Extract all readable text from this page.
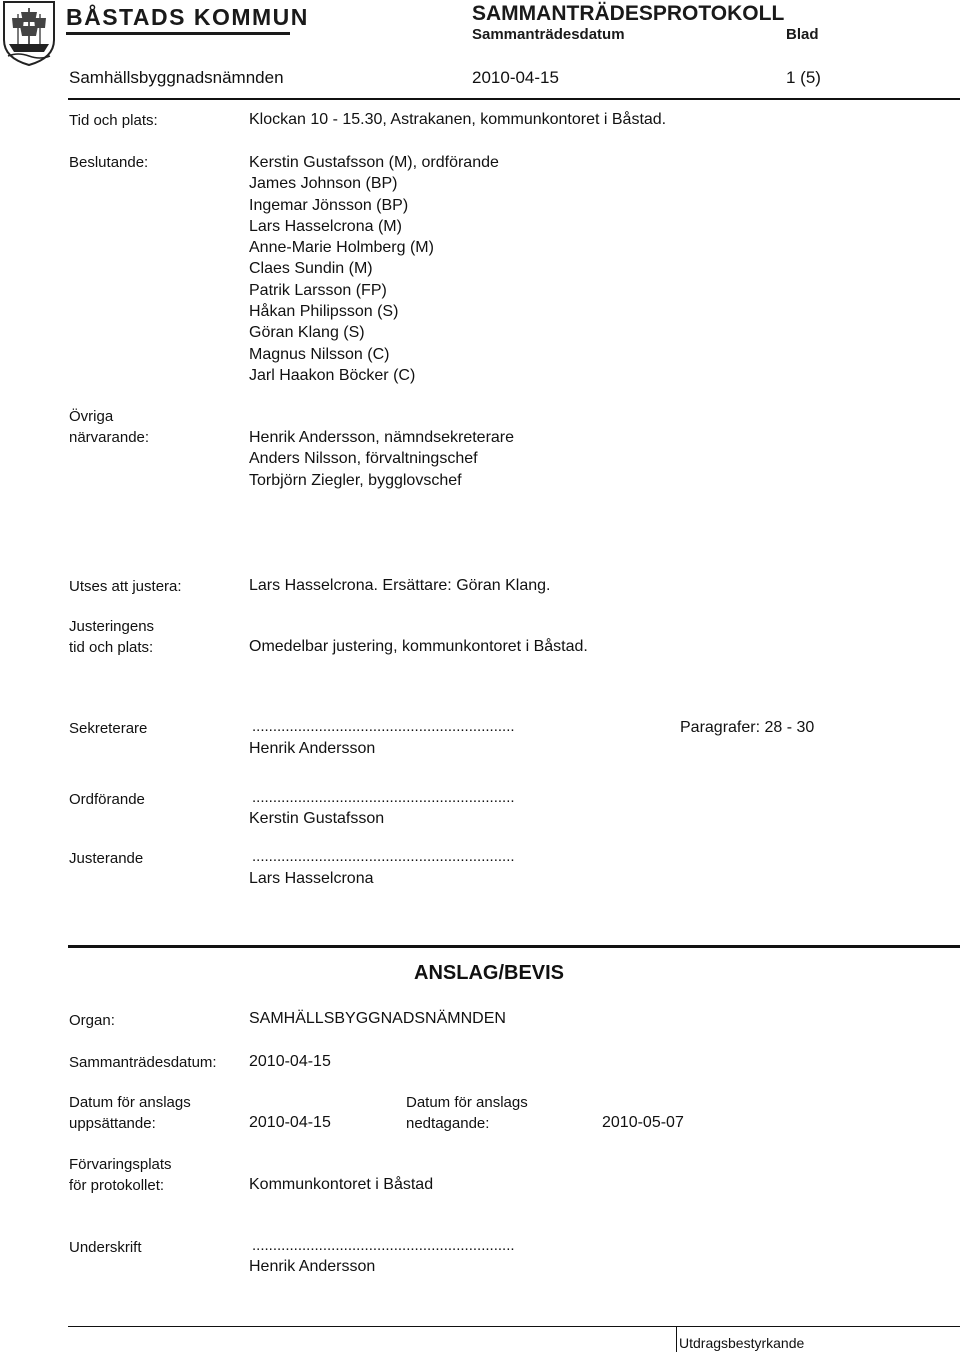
BÅSTADS KOMMUN	SAMMANTRÄDESPROTOKOLL
Sammanträdesdatum	Blad
Samhällsbyggnadsnämnden	2010-04-15	1 (5)
Tid och plats:	Klockan 10 - 15.30, Astrakanen, kommunkontoret i Båstad.
Beslutande:	Kerstin Gustafsson (M), ordförande
James Johnson (BP)
Ingemar Jönsson (BP)
Lars Hasselcrona (M)
Anne-Marie Holmberg (M)
Claes Sundin (M)
Patrik Larsson (FP)
Håkan Philipsson (S)
Göran Klang (S)
Magnus Nilsson (C)
Jarl Haakon Böcker (C)
Övriga
närvarande:	Henrik Andersson, nämndsekreterare
Anders Nilsson, förvaltningschef
Torbjörn Ziegler, bygglovschef
Utses att justera:	Lars Hasselcrona. Ersättare: Göran Klang.
Justeringens
tid och plats:	Omedelbar justering, kommunkontoret i Båstad.
Sekreterare	...............................................................	Paragrafer: 28 - 30
Henrik Andersson
Ordförande	...............................................................
Kerstin Gustafsson
Justerande	...............................................................
Lars Hasselcrona
ANSLAG/BEVIS
Organ:	SAMHÄLLSBYGGNADSNÄMNDEN
Sammanträdesdatum: 2010-04-15
Datum för anslags
uppsättande:	2010-04-15
Datum för anslags
nedtagande:	2010-05-07
Förvaringsplats
för protokollet:	Kommunkontoret i Båstad
Underskrift	...............................................................
Henrik Andersson
Utdragsbestyrkande
